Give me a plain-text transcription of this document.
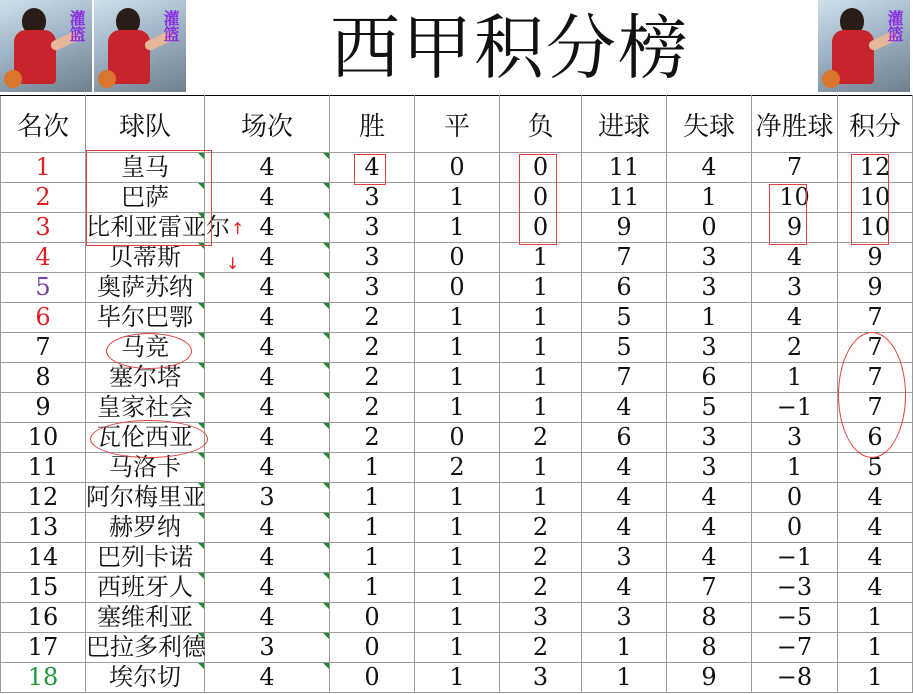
灌篮	灌篮	西甲积分榜	灌篮
名次	球队	场次	胜	平	负	进球	失球	净胜球	积分
1	皇马	4	4	0	0	11	4	7	12
2	巴萨	4	3	1	0	11	1	10	10
3	比利亚雷亚尔	4	3	1	0	9	0	9	10
4	贝蒂斯	4	3	0	1	7	3	4	9
5	奥萨苏纳	4	3	0	1	6	3	3	9
6	毕尔巴鄂	4	2	1	1	5	1	4	7
7	马竞	4	2	1	1	5	3	2	7
8	塞尔塔	4	2	1	1	7	6	1	7
9	皇家社会	4	2	1	1	4	5	−1	7
10	瓦伦西亚	4	2	0	2	6	3	3	6
11	马洛卡	4	1	2	1	4	3	1	5
12	阿尔梅里亚	3	1	1	1	4	4	0	4
13	赫罗纳	4	1	1	2	4	4	0	4
14	巴列卡诺	4	1	1	2	3	4	−1	4
15	西班牙人	4	1	1	2	4	7	−3	4
16	塞维利亚	4	0	1	3	3	8	−5	1
17	巴拉多利德	3	0	1	2	1	8	−7	1
18	埃尔切	4	0	1	3	1	9	−8	1
↑
↓
